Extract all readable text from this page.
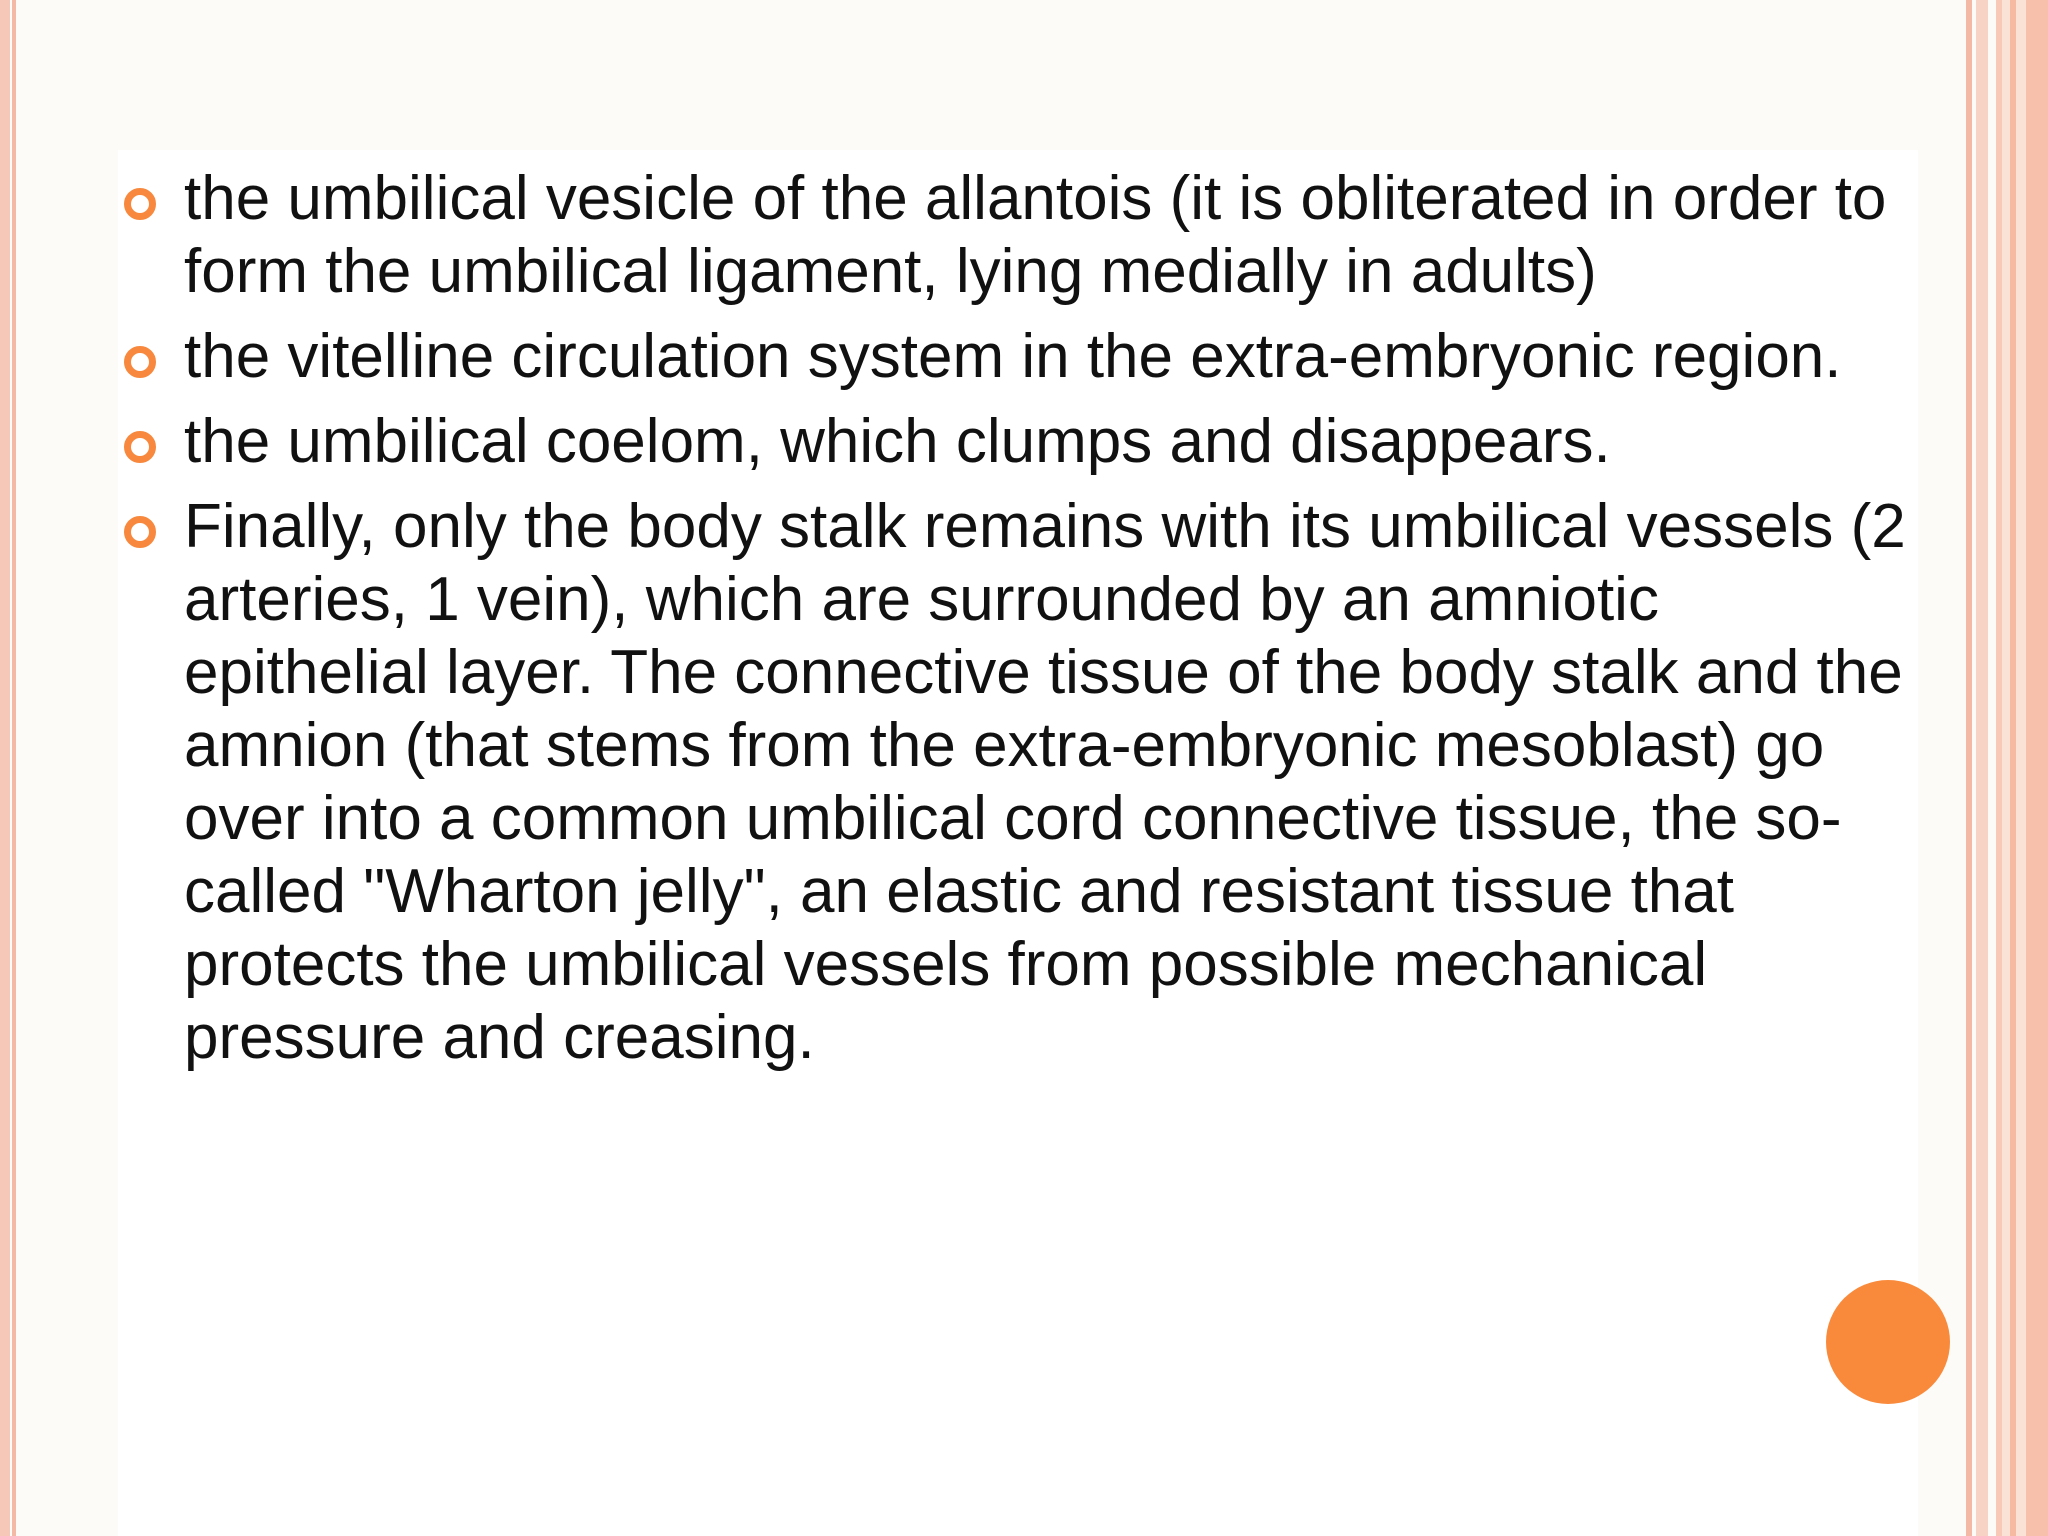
the umbilical vesicle of the allantois (it is obliterated in order to form the umbilical ligament, lying medially in adults)
the vitelline circulation system in the extra-embryonic region.
the umbilical coelom, which clumps and disappears.
Finally, only the body stalk remains with its umbilical vessels (2 arteries, 1 vein), which are surrounded by an amniotic epithelial layer. The connective tissue of the body stalk and the amnion (that stems from the extra-embryonic mesoblast) go over into a common umbilical cord connective tissue, the so-called "Wharton jelly", an elastic and resistant tissue that protects the umbilical vessels from possible mechanical pressure and creasing.
